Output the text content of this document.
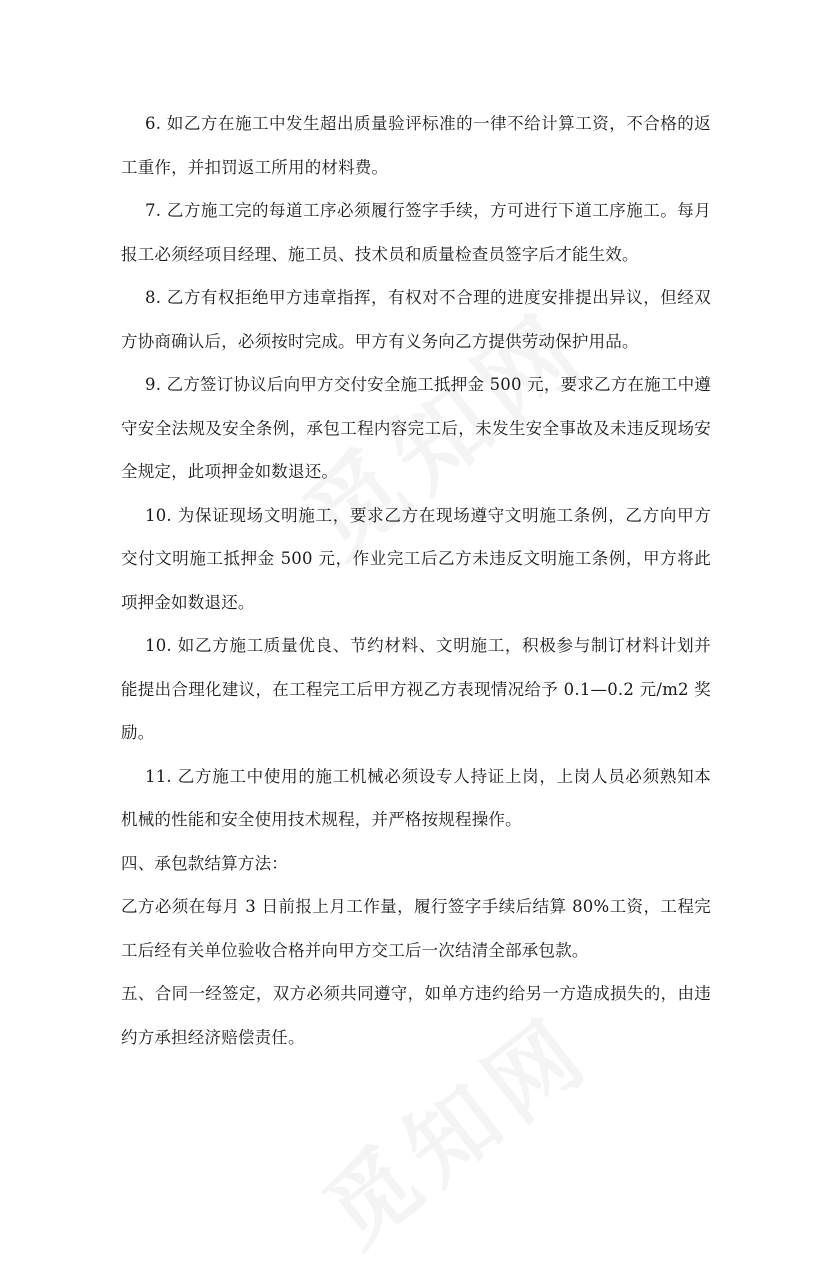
6. 如乙方在施工中发生超出质量验评标准的一律不给计算工资，不合格的返工重作，并扣罚返工所用的材料费。

7. 乙方施工完的每道工序必须履行签字手续，方可进行下道工序施工。每月报工必须经项目经理、施工员、技术员和质量检查员签字后才能生效。

8. 乙方有权拒绝甲方违章指挥，有权对不合理的进度安排提出异议，但经双方协商确认后，必须按时完成。甲方有义务向乙方提供劳动保护用品。

9. 乙方签订协议后向甲方交付安全施工抵押金 500 元，要求乙方在施工中遵守安全法规及安全条例，承包工程内容完工后，未发生安全事故及未违反现场安全规定，此项押金如数退还。

10. 为保证现场文明施工，要求乙方在现场遵守文明施工条例，乙方向甲方交付文明施工抵押金 500 元，作业完工后乙方未违反文明施工条例，甲方将此项押金如数退还。

10. 如乙方施工质量优良、节约材料、文明施工，积极参与制订材料计划并能提出合理化建议，在工程完工后甲方视乙方表现情况给予 0.1—0.2 元/m2 奖励。

11. 乙方施工中使用的施工机械必须设专人持证上岗，上岗人员必须熟知本机械的性能和安全使用技术规程，并严格按规程操作。

四、承包款结算方法：

乙方必须在每月 3 日前报上月工作量，履行签字手续后结算 80%工资，工程完工后经有关单位验收合格并向甲方交工后一次结清全部承包款。

五、合同一经签定，双方必须共同遵守，如单方违约给另一方造成损失的，由违约方承担经济赔偿责任。
